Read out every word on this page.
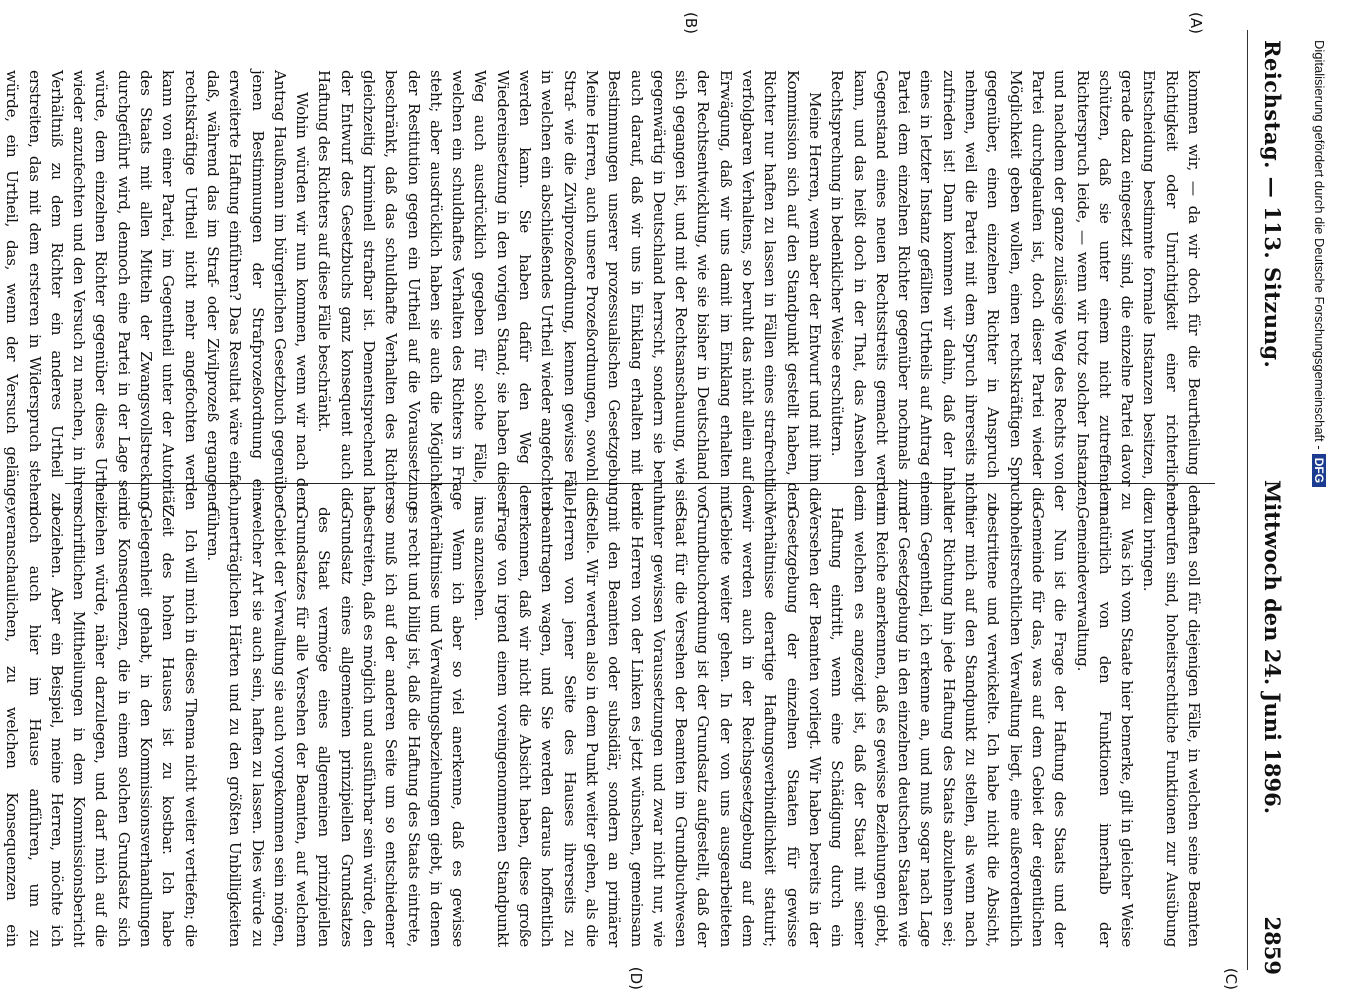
Reichstag. — 113. Sitzung.
Mittwoch den 24. Juni 1896.
2859
(A)
(B)
(C)
(D)

kommen wir, — da wir doch für die Beurtheilung der Richtigkeit oder Unrichtigkeit einer richterlichen Entscheidung bestimmte formale Instanzen besitzen, die gerade dazu eingesetzt sind, die einzelne Partei davor zu schützen, daß sie unter einem nicht zutreffenden Richterspruch leide, — wenn wir trotz solcher Instanzen, und nachdem der ganze zulässige Weg des Rechts von der Partei durchgelaufen ist, doch dieser Partei wieder die Möglichkeit geben wollen, einen rechtskräftigen Spruch gegenüber, einen einzelnen Richter in Anspruch zu nehmen, weil die Partei mit dem Spruch ihrerseits nicht zufrieden ist! Dann kommen wir dahin, daß der Inhalt eines in letzter Instanz gefällten Urtheils auf Antrag einer Partei dem einzelnen Richter gegenüber nochmals zum Gegenstand eines neuen Rechtsstreits gemacht werden kann, und das heißt doch in der That, das Ansehen der Rechtsprechung in bedenklicher Weise erschüttern.

Meine Herren, wenn aber der Entwurf und mit ihm die Kommission sich auf den Standpunkt gestellt haben, den Richter nur haften zu lassen in Fällen eines strafrechtlich verfolgbaren Verhaltens, so beruht das nicht allein auf der Erwägung, daß wir uns damit im Einklang erhalten mit der Rechtsentwicklung, wie sie bisher in Deutschland vor sich gegangen ist, und mit der Rechtsanschauung, wie sie gegenwärtig in Deutschland herrscht, sondern sie beruht auch darauf, daß wir uns in Einklang erhalten mit den Bestimmungen unserer prozessualischen Gesetzgebung. Meine Herren, auch unsere Prozeßordnungen, sowohl die Straf- wie die Zivilprozeßordnung, kennen gewisse Fälle, in welchen ein abschließendes Urtheil wieder angefochten werden kann. Sie haben dafür den Weg der Wiedereinsetzung in den vorigen Stand; sie haben diesen Weg auch ausdrücklich gegeben für solche Fälle, in welchen ein schuldhaftes Verhalten des Richters in Frage steht; aber ausdrücklich haben sie auch die Möglichkeit der Restitution gegen ein Urtheil auf die Voraussetzung beschränkt, daß das schuldhafte Verhalten des Richters gleichzeitig kriminell strafbar ist. Dementsprechend hat der Entwurf des Gesetzbuchs ganz konsequent auch die Haftung des Richters auf diese Fälle beschränkt.

Wohin würden wir nun kommen, wenn wir nach dem Antrag Haußmann im bürgerlichen Gesetzbuch gegenüber jenen Bestimmungen der Strafprozeßordnung eine erweiterte Haftung einführen? Das Resultat wäre einfach, daß, während das im Straf- oder Zivilprozeß ergangene rechtskräftige Urtheil nicht mehr angefochten werden kann von einer Partei, im Gegentheil unter der Autorität des Staats mit allen Mitteln der Zwangsvollstreckung durchgeführt wird, dennoch eine Partei in der Lage sein würde, dem einzelnen Richter gegenüber dieses Urtheil wieder anzufechten und den Versuch zu machen, in ihrem Verhältniß zu dem Richter ein anderes Urtheil zu erstreiten, das mit dem ersteren in Widerspruch stehen würde, ein Urtheil, das, wenn der Versuch gelänge,

haften soll für diejenigen Fälle, in welchen seine Beamten berufen sind, hoheitsrechtliche Funktionen zur Ausübung zu bringen.

Was ich vom Staate hier bemerke, gilt in gleicher Weise natürlich von den Funktionen innerhalb der Gemeindeverwaltung.

Nun ist die Frage der Haftung des Staats und der Gemeinde für das, was auf dem Gebiet der eigentlichen hoheitsrechtlichen Verwaltung liegt, eine außerordentlich bestrittene und verwickelte. Ich habe nicht die Absicht, hier mich auf den Standpunkt zu stellen, als wenn nach der Richtung hin jede Haftung des Staats abzulehnen sei; im Gegentheil, ich erkenne an, und muß sogar nach Lage der Gesetzgebung in den einzelnen deutschen Staaten wie im Reiche anerkennen, daß es gewisse Beziehungen giebt, in welchen es angezeigt ist, daß der Staat mit seiner Haftung eintritt, wenn eine Schädigung durch ein Versehen der Beamten vorliegt. Wir haben bereits in der Gesetzgebung der einzelnen Staaten für gewisse Verhältnisse derartige Haftungsverbindlichkeit statuirt; wir werden auch in der Reichsgesetzgebung auf dem Gebiete weiter gehen. In der von uns ausgearbeiteten Grundbuchordnung ist der Grundsatz aufgestellt, daß der Staat für die Versehen der Beamten im Grundbuchwesen unter gewissen Voraussetzungen und zwar nicht nur, wie die Herren von der Linken es jetzt wünschen, gemeinsam mit den Beamten oder subsidiär, sondern an primärer Stelle. Wir werden also in dem Punkt weiter gehen, als die Herren von jener Seite des Hauses ihrerseits zu beantragen wagen, und Sie werden daraus hoffentlich erkennen, daß wir nicht die Absicht haben, diese große Frage von irgend einem voreingenommenen Standpunkt aus anzusehen.

Wenn ich aber so viel anerkenne, daß es gewisse Verhältnisse und Verwaltungsbeziehungen giebt, in denen es recht und billig ist, daß die Haftung des Staats eintrete, so muß ich auf der anderen Seite um so entschiedener bestreiten, daß es möglich und ausführbar sein würde, den Grundsatz eines allgemeinen prinzipiellen Grundsatzes des Staat vermöge eines allgemeinen prinzipiellen Grundsatzes für alle Versehen der Beamten, auf welchem Gebiet der Verwaltung sie auch vorgekommen sein mögen, welcher Art sie auch sein, haften zu lassen. Dies würde zu unerträglichen Härten und zu den größten Unbilligkeiten führen.

Ich will mich in dieses Thema nicht weiter vertiefen; die Zeit des hohen Hauses ist zu kostbar. Ich habe Gelegenheit gehabt, in den Kommissionsverhandlungen die Konsequenzen, die in einem solchen Grundsatz sich ziehen würde, näher darzulegen, und darf mich auf die schriftlichen Mittheilungen in dem Kommissionsbericht beziehen. Aber ein Beispiel, meine Herren, möchte ich doch auch hier im Hause anführen, um zu veranschaulichen, zu welchen Konsequenzen ein

Digitalisierung gefördert durch die Deutsche Forschungsgemeinschaft -DFG
